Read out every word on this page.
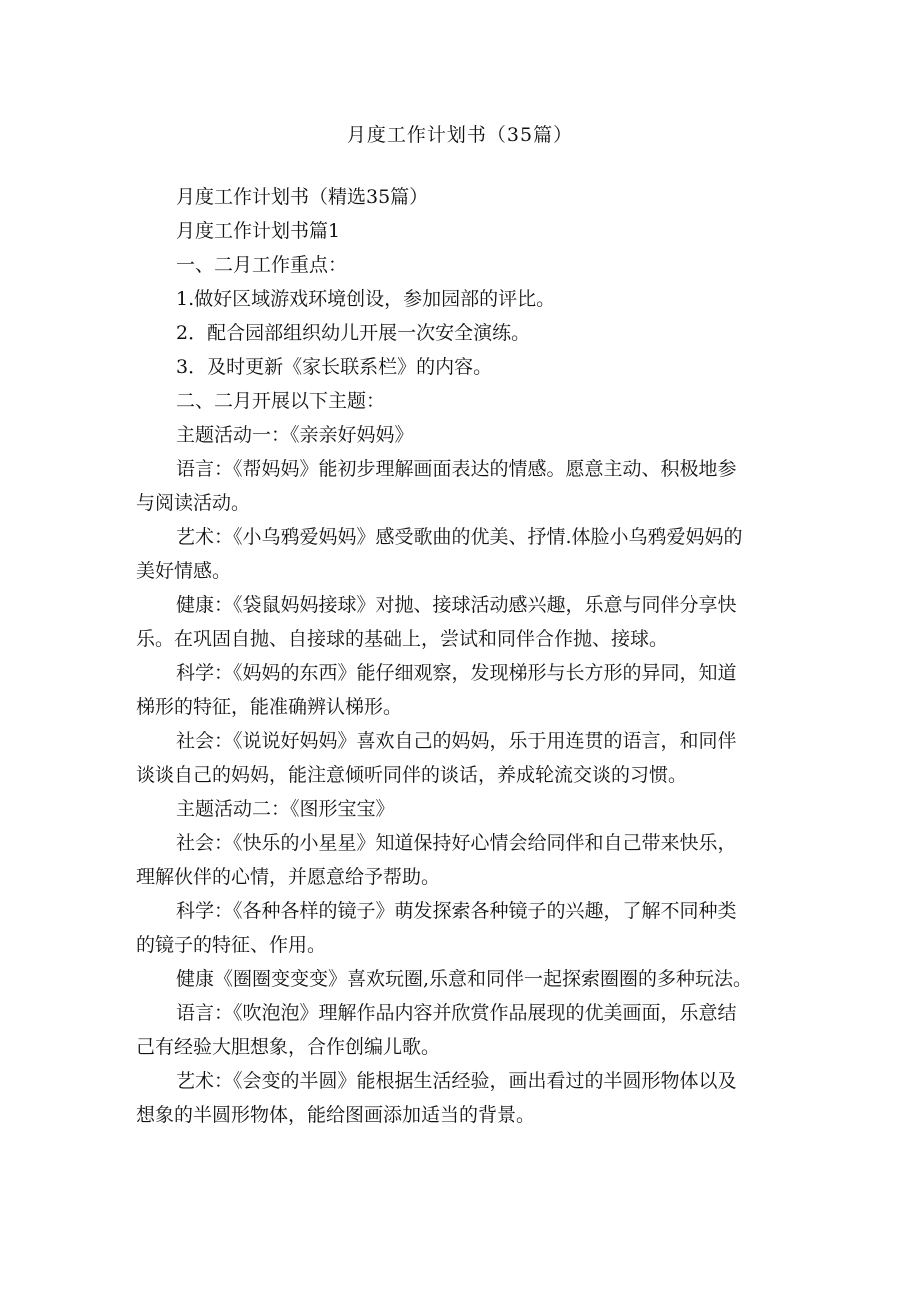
月度工作计划书（35篇）

月度工作计划书（精选35篇）

月度工作计划书篇1

一、二月工作重点：

1.做好区域游戏环境创设，参加园部的评比。

2．配合园部组织幼儿开展一次安全演练。

3．及时更新《家长联系栏》的内容。

二、二月开展以下主题：

主题活动一：《亲亲好妈妈》

语言：《帮妈妈》能初步理解画面表达的情感。愿意主动、积极地参

与阅读活动。

艺术：《小乌鸦爱妈妈》感受歌曲的优美、抒情.体脸小乌鸦爱妈妈的

美好情感。

健康：《袋鼠妈妈接球》对抛、接球活动感兴趣，乐意与同伴分享快

乐。在巩固自抛、自接球的基础上，尝试和同伴合作抛、接球。

科学：《妈妈的东西》能仔细观察，发现梯形与长方形的异同，知道

梯形的特征，能准确辨认梯形。

社会：《说说好妈妈》喜欢自己的妈妈，乐于用连贯的语言，和同伴

谈谈自己的妈妈，能注意倾听同伴的谈话，养成轮流交谈的习惯。

主题活动二：《图形宝宝》

社会：《快乐的小星星》知道保持好心情会给同伴和自己带来快乐，

理解伙伴的心情，并愿意给予帮助。

科学：《各种各样的镜子》萌发探索各种镜子的兴趣，了解不同种类

的镜子的特征、作用。

健康《圈圈变变变》喜欢玩圈,乐意和同伴一起探索圈圈的多种玩法。

语言：《吹泡泡》理解作品内容并欣赏作品展现的优美画面，乐意结

己有经验大胆想象，合作创编儿歌。

艺术：《会变的半圆》能根据生活经验，画出看过的半圆形物体以及

想象的半圆形物体，能给图画添加适当的背景。
